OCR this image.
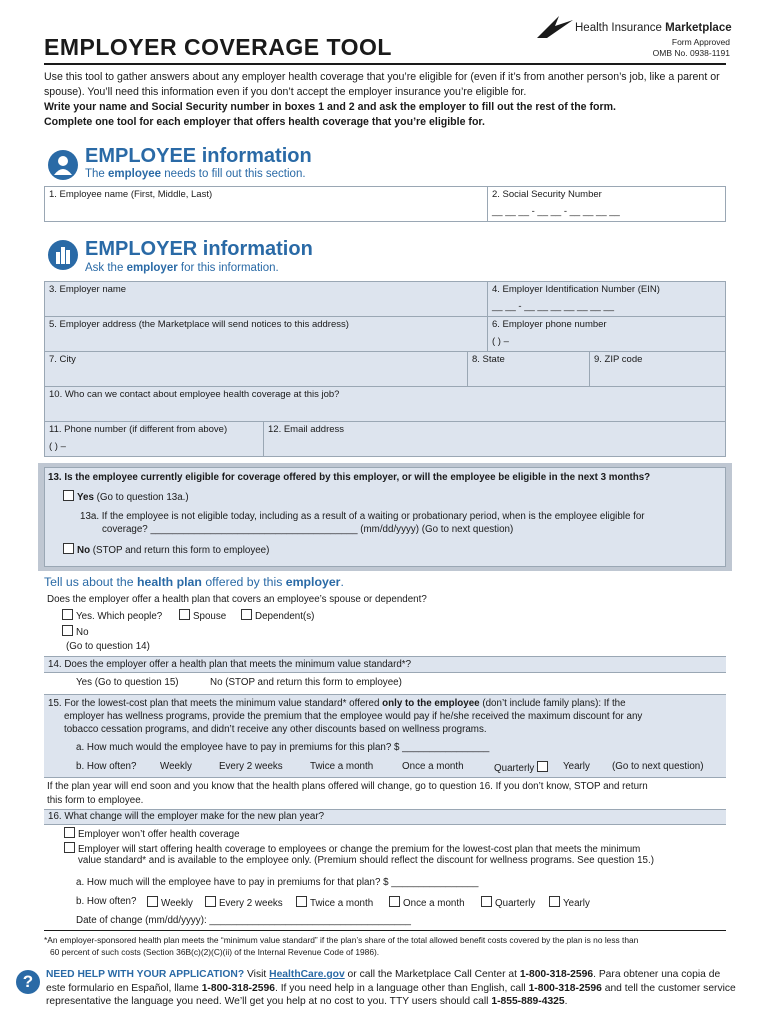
Health Insurance Marketplace
Form Approved
OMB No. 0938-1191
EMPLOYER COVERAGE TOOL
Use this tool to gather answers about any employer health coverage that you’re eligible for (even if it’s from another person’s job, like a parent or spouse). You’ll need this information even if you don’t accept the employer insurance you’re eligible for.
Write your name and Social Security number in boxes 1 and 2 and ask the employer to fill out the rest of the form.
Complete one tool for each employer that offers health coverage that you’re eligible for.
EMPLOYEE information
The employee needs to fill out this section.
1. Employee name (First, Middle, Last)	2. Social Security Number
__ __ __ - __ __ - __ __ __ __
EMPLOYER information
Ask the employer for this information.
3. Employer name	4. Employer Identification Number (EIN)
__ __ - __ __ __ __ __ __ __
5. Employer address (the Marketplace will send notices to this address)	6. Employer phone number
( ) –
7. City	8. State	9. ZIP code
10. Who can we contact about employee health coverage at this job?
11. Phone number (if different from above)
( ) –
12. Email address
13. Is the employee currently eligible for coverage offered by this employer, or will the employee be eligible in the next 3 months?
Yes (Go to question 13a.)
13a. If the employee is not eligible today, including as a result of a waiting or probationary period, when is the employee eligible for
coverage? ______________________________________ (mm/dd/yyyy) (Go to next question)
No (STOP and return this form to employee)
Tell us about the health plan offered by this employer.
Does the employer offer a health plan that covers an employee’s spouse or dependent?
Yes. Which people?	Spouse	Dependent(s)
No
(Go to question 14)
14. Does the employer offer a health plan that meets the minimum value standard*?
Yes (Go to question 15)	No (STOP and return this form to employee)
15. For the lowest-cost plan that meets the minimum value standard* offered only to the employee (don’t include family plans): If the
employer has wellness programs, provide the premium that the employee would pay if he/she received the maximum discount for any
tobacco cessation programs, and didn’t receive any other discounts based on wellness programs.
a. How much would the employee have to pay in premiums for this plan? $ ________________
b. How often? Weekly	Every 2 weeks	Twice a month	Once a month	Quarterly	Yearly (Go to next question)
If the plan year will end soon and you know that the health plans offered will change, go to question 16. If you don’t know, STOP and return
this form to employee.
16. What change will the employer make for the new plan year?
Employer won’t offer health coverage
Employer will start offering health coverage to employees or change the premium for the lowest-cost plan that meets the minimum
value standard* and is available to the employee only. (Premium should reflect the discount for wellness programs. See question 15.)
a. How much will the employee have to pay in premiums for that plan? $ ________________
b. How often?	Weekly	Every 2 weeks	Twice a month	Once a month	Quarterly	Yearly
Date of change (mm/dd/yyyy): _____________________________________
*An employer-sponsored health plan meets the “minimum value standard” if the plan’s share of the total allowed benefit costs covered by the plan is no less than
60 percent of such costs (Section 36B(c)(2)(C)(ii) of the Internal Revenue Code of 1986).
?	NEED HELP WITH YOUR APPLICATION? Visit HealthCare.gov or call the Marketplace Call Center at 1-800-318-2596. Para obtener una copia de este formulario en Español, llame 1-800-318-2596. If you need help in a language other than English, call 1-800-318-2596 and tell the customer service representative the language you need. We’ll get you help at no cost to you. TTY users should call 1-855-889-4325.
